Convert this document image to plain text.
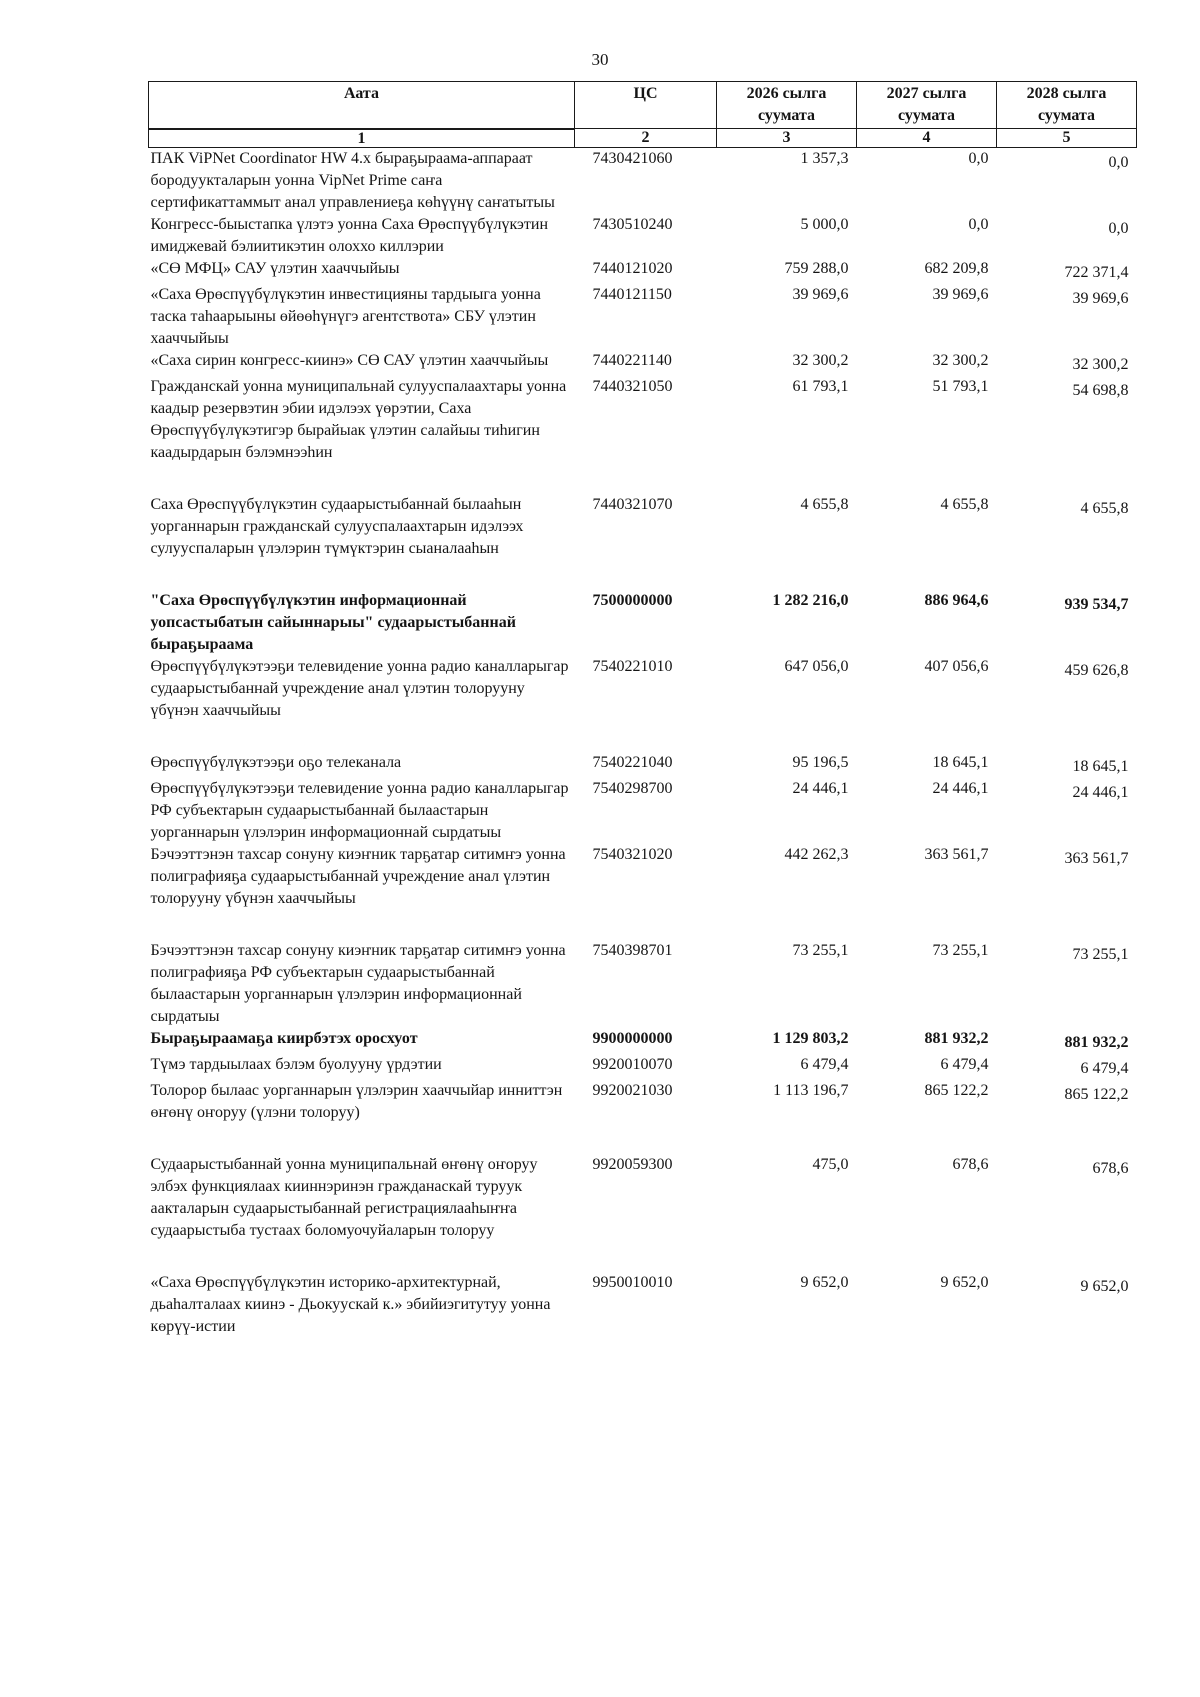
30
Аата	ЦС	2026 сылга суумата	2027 сылга суумата	2028 сылга суумата
1	2	3	4	5
ПАК ViPNet Coordinator HW 4.x быраҕыраама-аппараат бородуукталарын уонна VipNet Prime саҥа сертификаттаммыт анал управлениеҕа көһүүнү саҥатытыы	7430421060	1 357,3	0,0	0,0
Конгресс-быыстапка үлэтэ уонна Саха Өрөспүүбүлүкэтин имиджевай бэлиитикэтин олоххо киллэрии	7430510240	5 000,0	0,0	0,0
«СӨ МФЦ» САУ үлэтин хааччыйыы	7440121020	759 288,0	682 209,8	722 371,4
«Саха Өрөспүүбүлүкэтин инвестицияны тардыыга уонна таска таһаарыыны өйөөһүнүгэ агентствота» СБУ үлэтин хааччыйыы	7440121150	39 969,6	39 969,6	39 969,6
«Саха сирин конгресс-киинэ» СӨ САУ үлэтин хааччыйыы	7440221140	32 300,2	32 300,2	32 300,2
Гражданскай уонна муниципальнай сулууспалaахтары уонна каадыр резервэтин эбии идэлээх үөрэтии, Саха Өрөспүүбүлүкэтигэр бырайыак үлэтин салайыы тиһигин каадырдарын бэлэмнээһин	7440321050	61 793,1	51 793,1	54 698,8

Саха Өрөспүүбүлүкэтин судаарыстыбаннай былааһын уорганнарын гражданскай сулууспалaахтарын идэлээх сулууспаларын үлэлэрин түмүктэрин сыаналааһын	7440321070	4 655,8	4 655,8	4 655,8

"Саха Өрөспүүбүлүкэтин информационнай уопсастыбатын сайыннарыы" судаарыстыбаннай быраҕыраама	7500000000	1 282 216,0	886 964,6	939 534,7
Өрөспүүбүлүкэтээҕи телевидение уонна радио каналларыгар судаарыстыбаннай учреждение анал үлэтин толорууну үбүнэн хааччыйыы	7540221010	647 056,0	407 056,6	459 626,8

Өрөспүүбүлүкэтээҕи оҕо телеканала	7540221040	95 196,5	18 645,1	18 645,1
Өрөспүүбүлүкэтээҕи телевидение уонна радио каналларыгар РФ субъектарын судаарыстыбаннай былааcтарын уорганнарын үлэлэрин информационнай сырдатыы	7540298700	24 446,1	24 446,1	24 446,1
Бэчээттэнэн тахсар сонуну киэҥник тарҕатар ситимҥэ уонна полиграфияҕа судаарыстыбаннай учреждение анал үлэтин толорууну үбүнэн хааччыйыы	7540321020	442 262,3	363 561,7	363 561,7

Бэчээттэнэн тахсар сонуну киэҥник тарҕатар ситимҥэ уонна полиграфияҕа РФ субъектарын судаарыстыбаннай былааcтарын уорганнарын үлэлэрин информационнай сырдатыы	7540398701	73 255,1	73 255,1	73 255,1
Быраҕыраамаҕа киирбэтэх оросхуот	9900000000	1 129 803,2	881 932,2	881 932,2
Түмэ тардыылаах бэлэм буолууну үрдэтии	9920010070	6 479,4	6 479,4	6 479,4
Толорор былаас уорганнарын үлэлэрин хааччыйар инниттэн өҥөнү оҥоруу (үлэни толоруу)	9920021030	1 113 196,7	865 122,2	865 122,2

Судаарыстыбаннай уонна муниципальнай өҥөнү оҥоруу элбэх функциялаах кииннэринэн гражданаскай туруук аакталарын судаарыстыбаннай регистрациялааһыҥҥа судаарыстыба тустаах боломуочуйаларын толоруу	9920059300	475,0	678,6	678,6

«Саха Өрөспүүбүлүкэтин историко-архитектурнай, дьаһалталаах киинэ - Дьокуускай к.» эбийиэгитутуу уонна көрүү-истии	9950010010	9 652,0	9 652,0	9 652,0
